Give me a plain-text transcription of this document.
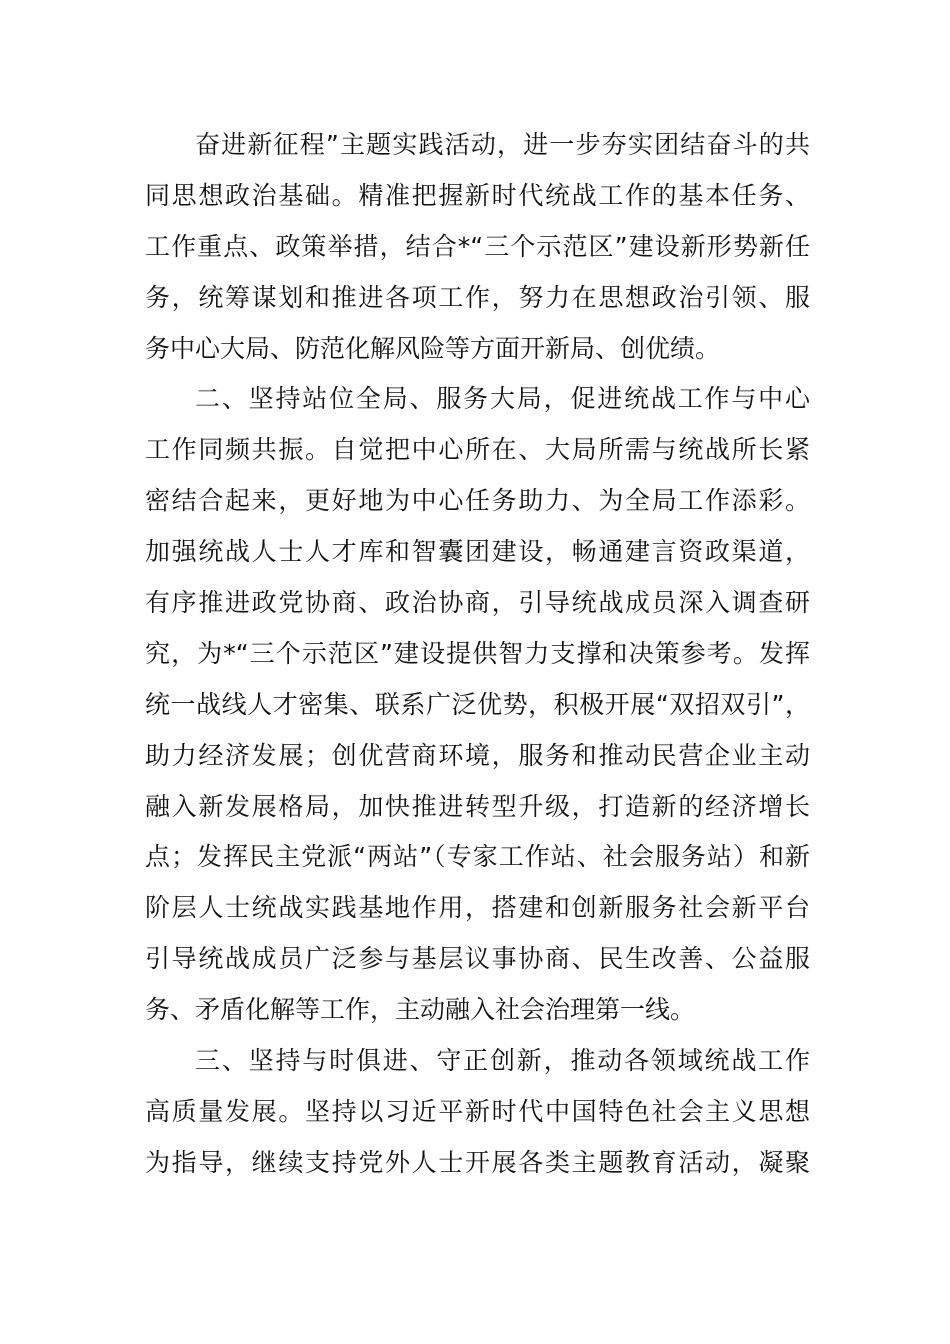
奋进新征程”主题实践活动，进一步夯实团结奋斗的共
同思想政治基础。精准把握新时代统战工作的基本任务、
工作重点、政策举措，结合*“三个示范区”建设新形势新任
务，统筹谋划和推进各项工作，努力在思想政治引领、服
务中心大局、防范化解风险等方面开新局、创优绩。
二、坚持站位全局、服务大局，促进统战工作与中心
工作同频共振。自觉把中心所在、大局所需与统战所长紧
密结合起来，更好地为中心任务助力、为全局工作添彩。
加强统战人士人才库和智囊团建设，畅通建言资政渠道，
有序推进政党协商、政治协商，引导统战成员深入调查研
究，为*“三个示范区”建设提供智力支撑和决策参考。发挥
统一战线人才密集、联系广泛优势，积极开展“双招双引”，
助力经济发展；创优营商环境，服务和推动民营企业主动
融入新发展格局，加快推进转型升级，打造新的经济增长
点；发挥民主党派“两站”（专家工作站、社会服务站）和新
阶层人士统战实践基地作用，搭建和创新服务社会新平台
引导统战成员广泛参与基层议事协商、民生改善、公益服
务、矛盾化解等工作，主动融入社会治理第一线。
三、坚持与时俱进、守正创新，推动各领域统战工作
高质量发展。坚持以习近平新时代中国特色社会主义思想
为指导，继续支持党外人士开展各类主题教育活动，凝聚
